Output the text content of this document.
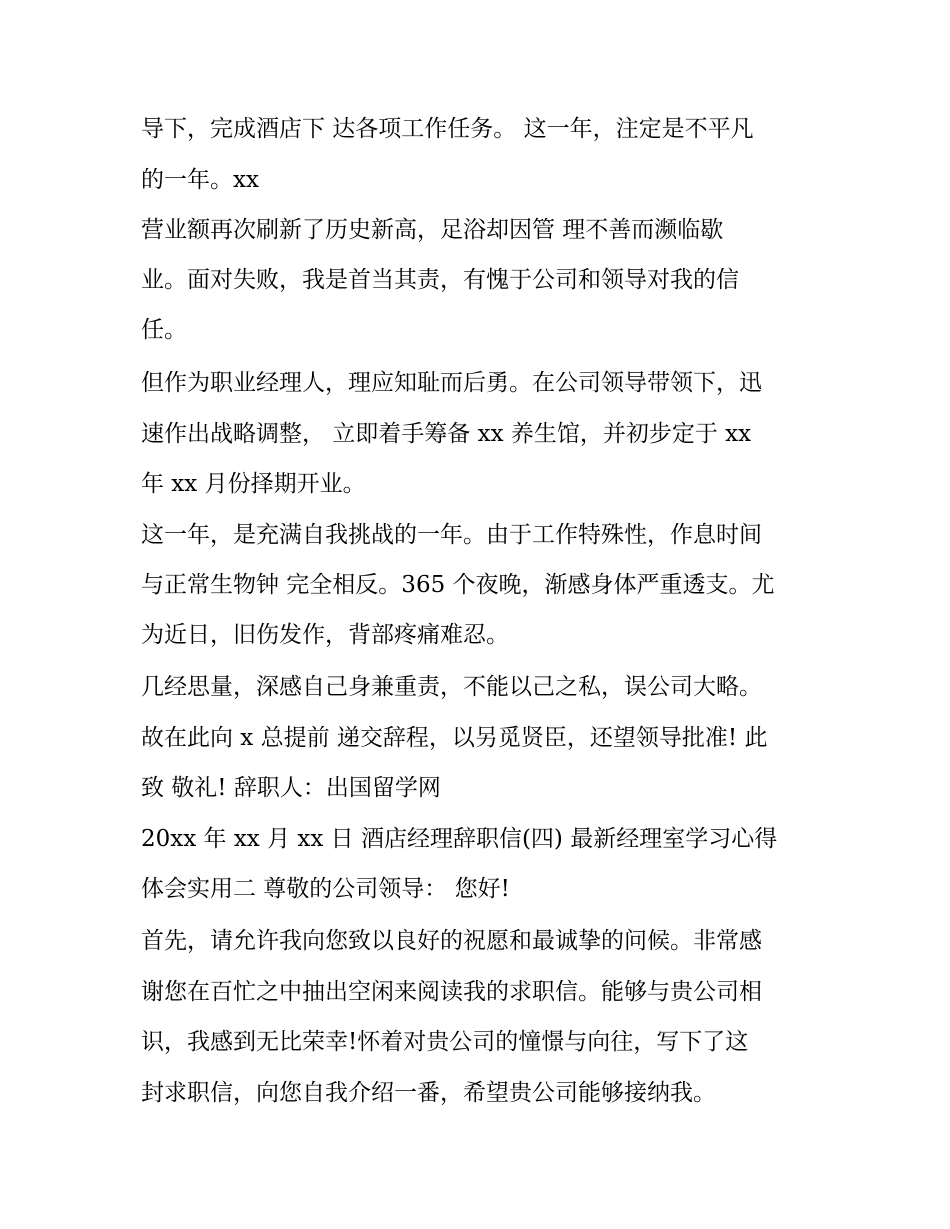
导下，完成酒店下 达各项工作任务。 这一年，注定是不平凡
的一年。xx
营业额再次刷新了历史新高，足浴却因管 理不善而濒临歇
业。面对失败，我是首当其责，有愧于公司和领导对我的信
任。
但作为职业经理人，理应知耻而后勇。在公司领导带领下，迅
速作出战略调整， 立即着手筹备 xx 养生馆，并初步定于 xx
年 xx 月份择期开业。
这一年，是充满自我挑战的一年。由于工作特殊性，作息时间
与正常生物钟 完全相反。365 个夜晚，渐感身体严重透支。尤
为近日，旧伤发作，背部疼痛难忍。
几经思量，深感自己身兼重责，不能以己之私，误公司大略。
故在此向 x 总提前 递交辞程，以另觅贤臣，还望领导批准! 此
致 敬礼! 辞职人：出国留学网
20xx 年 xx 月 xx 日 酒店经理辞职信(四) 最新经理室学习心得
体会实用二 尊敬的公司领导： 您好!
首先，请允许我向您致以良好的祝愿和最诚挚的问候。非常感
谢您在百忙之中抽出空闲来阅读我的求职信。能够与贵公司相
识，我感到无比荣幸!怀着对贵公司的憧憬与向往，写下了这
封求职信，向您自我介绍一番，希望贵公司能够接纳我。
